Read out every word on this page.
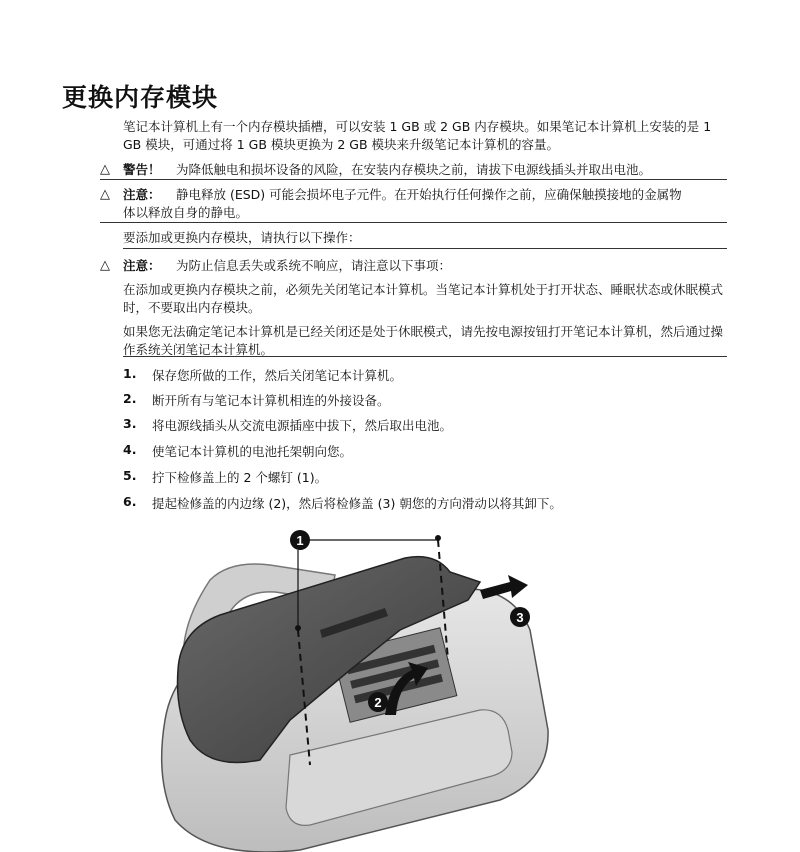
更换内存模块
笔记本计算机上有一个内存模块插槽，可以安装 1 GB 或 2 GB 内存模块。如果笔记本计算机上安装的是 1 GB 模块，可通过将 1 GB 模块更换为 2 GB 模块来升级笔记本计算机的容量。
△	警告！ 为降低触电和损坏设备的风险，在安装内存模块之前，请拔下电源线插头并取出电池。
△	注意： 静电释放 (ESD) 可能会损坏电子元件。在开始执行任何操作之前，应确保触摸接地的金属物
体以释放自身的静电。
要添加或更换内存模块，请执行以下操作：
△	注意： 为防止信息丢失或系统不响应，请注意以下事项：
在添加或更换内存模块之前，必须先关闭笔记本计算机。当笔记本计算机处于打开状态、睡眠状态或休眠模式时，不要取出内存模块。
如果您无法确定笔记本计算机是已经关闭还是处于休眠模式，请先按电源按钮打开笔记本计算机，然后通过操作系统关闭笔记本计算机。
1. 保存您所做的工作，然后关闭笔记本计算机。
2. 断开所有与笔记本计算机相连的外接设备。
3. 将电源线插头从交流电源插座中拔下，然后取出电池。
4. 使笔记本计算机的电池托架朝向您。
5. 拧下检修盖上的 2 个螺钉 (1)。
6. 提起检修盖的内边缘 (2)，然后将检修盖 (3) 朝您的方向滑动以将其卸下。
1
2
3
